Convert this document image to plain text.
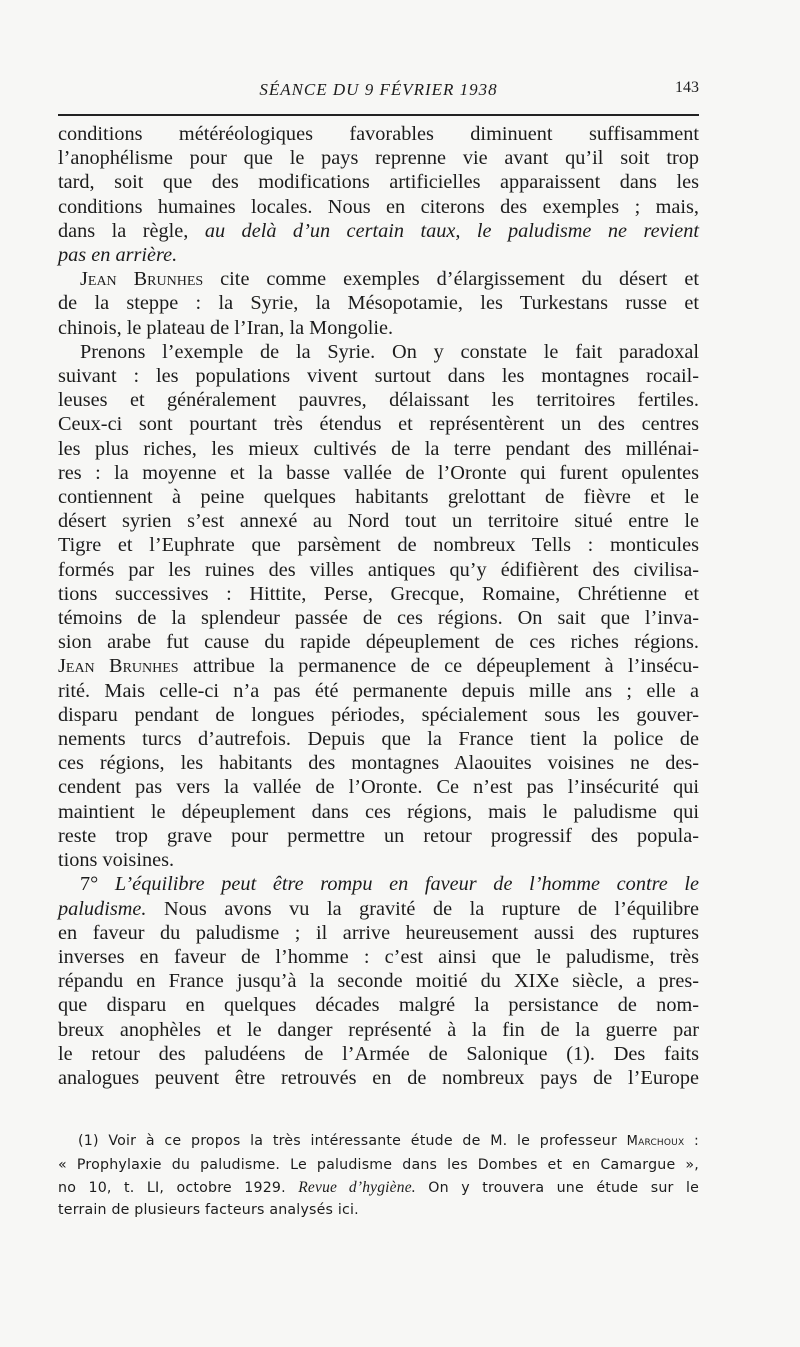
SÉANCE DU 9 FÉVRIER 1938	143
conditions météréologiques favorables diminuent suffisamment
l’anophélisme pour que le pays reprenne vie avant qu’il soit trop
tard, soit que des modifications artificielles apparaissent dans les
conditions humaines locales. Nous en citerons des exemples ; mais,
dans la règle, au delà d’un certain taux, le paludisme ne revient
pas en arrière.
Jean Brunhes cite comme exemples d’élargissement du désert et
de la steppe : la Syrie, la Mésopotamie, les Turkestans russe et
chinois, le plateau de l’Iran, la Mongolie.
Prenons l’exemple de la Syrie. On y constate le fait paradoxal
suivant : les populations vivent surtout dans les montagnes rocail-
leuses et généralement pauvres, délaissant les territoires fertiles.
Ceux-ci sont pourtant très étendus et représentèrent un des centres
les plus riches, les mieux cultivés de la terre pendant des millénai-
res : la moyenne et la basse vallée de l’Oronte qui furent opulentes
contiennent à peine quelques habitants grelottant de fièvre et le
désert syrien s’est annexé au Nord tout un territoire situé entre le
Tigre et l’Euphrate que parsèment de nombreux Tells : monticules
formés par les ruines des villes antiques qu’y édifièrent des civilisa-
tions successives : Hittite, Perse, Grecque, Romaine, Chrétienne et
témoins de la splendeur passée de ces régions. On sait que l’inva-
sion arabe fut cause du rapide dépeuplement de ces riches régions.
Jean Brunhes attribue la permanence de ce dépeuplement à l’insécu-
rité. Mais celle-ci n’a pas été permanente depuis mille ans ; elle a
disparu pendant de longues périodes, spécialement sous les gouver-
nements turcs d’autrefois. Depuis que la France tient la police de
ces régions, les habitants des montagnes Alaouites voisines ne des-
cendent pas vers la vallée de l’Oronte. Ce n’est pas l’insécurité qui
maintient le dépeuplement dans ces régions, mais le paludisme qui
reste trop grave pour permettre un retour progressif des popula-
tions voisines.
7° L’équilibre peut être rompu en faveur de l’homme contre le
paludisme. Nous avons vu la gravité de la rupture de l’équilibre
en faveur du paludisme ; il arrive heureusement aussi des ruptures
inverses en faveur de l’homme : c’est ainsi que le paludisme, très
répandu en France jusqu’à la seconde moitié du XIXe siècle, a pres-
que disparu en quelques décades malgré la persistance de nom-
breux anophèles et le danger représenté à la fin de la guerre par
le retour des paludéens de l’Armée de Salonique (1). Des faits
analogues peuvent être retrouvés en de nombreux pays de l’Europe
(1) Voir à ce propos la très intéressante étude de M. le professeur Marchoux :
« Prophylaxie du paludisme. Le paludisme dans les Dombes et en Camargue »,
no 10, t. LI, octobre 1929. Revue d’hygiène. On y trouvera une étude sur le
terrain de plusieurs facteurs analysés ici.
